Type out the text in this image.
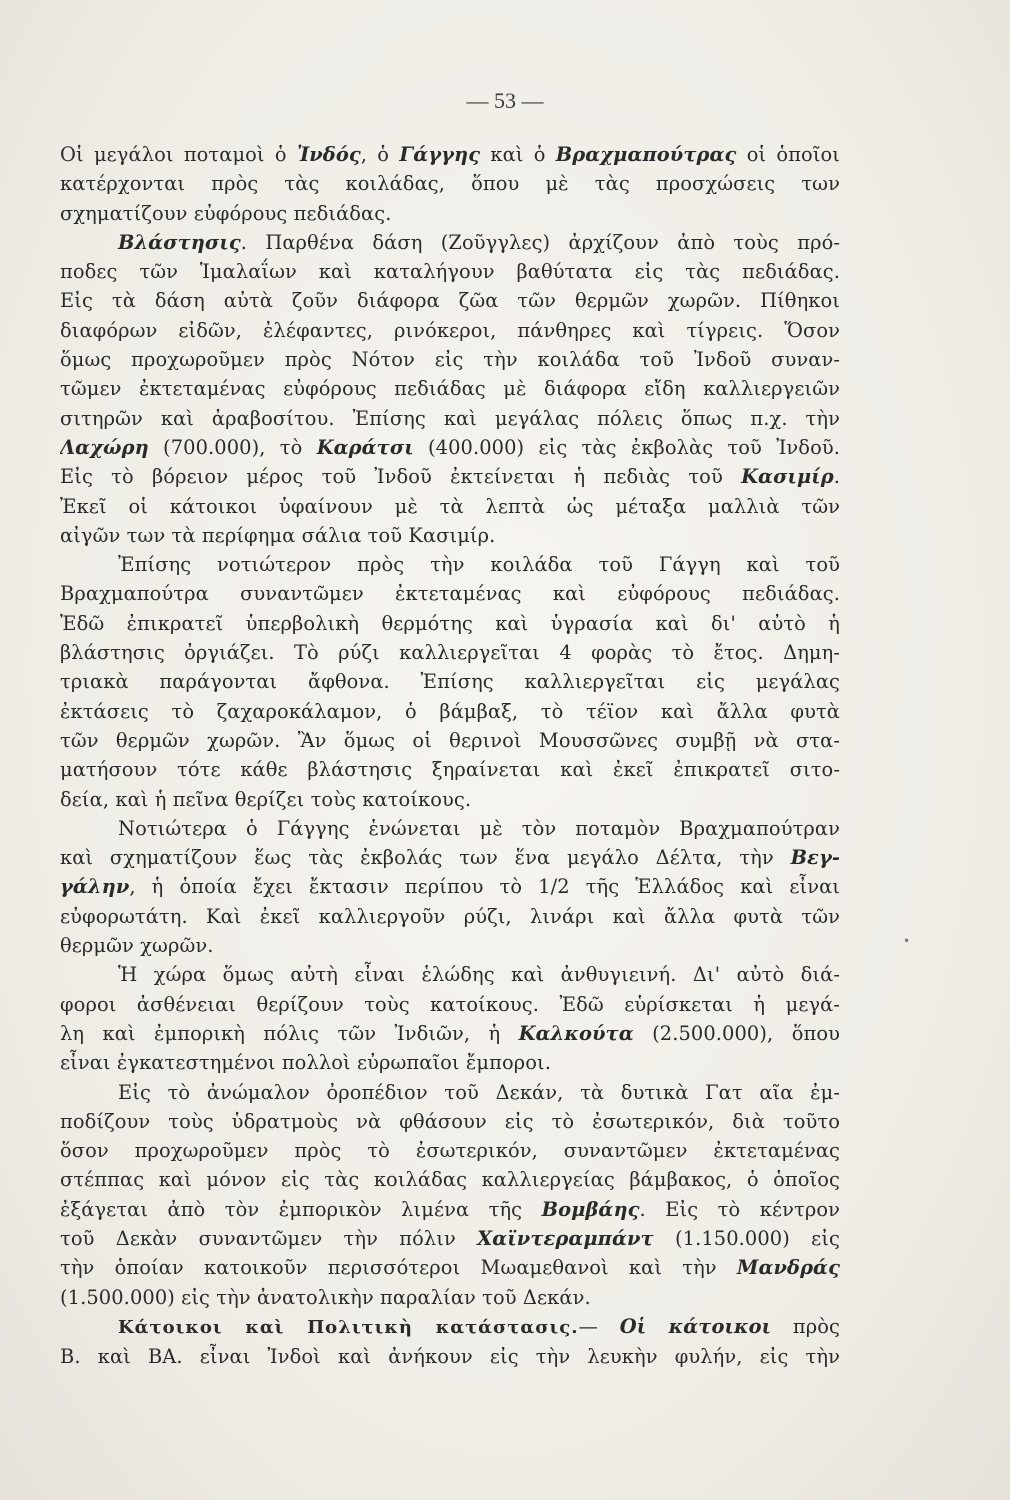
— 53 —
Οἱ μεγάλοι ποταμοὶ ὁ Ἰνδός, ὁ Γάγγης καὶ ὁ Βραχμαπούτρας οἱ ὁποῖοι
κατέρχονται πρὸς τὰς κοιλάδας, ὅπου μὲ τὰς προσχώσεις των
σχηματίζουν εὐφόρους πεδιάδας.
Βλάστησις. Παρθένα δάση (Ζοῦγγλες) ἀρχίζουν ἀπὸ τοὺς πρό-
ποδες τῶν Ἱμαλαΐων καὶ καταλήγουν βαθύτατα εἰς τὰς πεδιάδας.
Εἰς τὰ δάση αὐτὰ ζοῦν διάφορα ζῶα τῶν θερμῶν χωρῶν. Πίθηκοι
διαφόρων εἰδῶν, ἐλέφαντες, ρινόκεροι, πάνθηρες καὶ τίγρεις. Ὅσον
ὅμως προχωροῦμεν πρὸς Νότον εἰς τὴν κοιλάδα τοῦ Ἰνδοῦ συναν-
τῶμεν ἐκτεταμένας εὐφόρους πεδιάδας μὲ διάφορα εἴδη καλλιεργειῶν
σιτηρῶν καὶ ἀραβοσίτου. Ἐπίσης καὶ μεγάλας πόλεις ὅπως π.χ. τὴν
Λαχώρη (700.000), τὸ Καράτσι (400.000) εἰς τὰς ἐκβολὰς τοῦ Ἰνδοῦ.
Εἰς τὸ βόρειον μέρος τοῦ Ἰνδοῦ ἐκτείνεται ἡ πεδιὰς τοῦ Κασιμίρ.
Ἐκεῖ οἱ κάτοικοι ὑφαίνουν μὲ τὰ λεπτὰ ὡς μέταξα μαλλιὰ τῶν
αἰγῶν των τὰ περίφημα σάλια τοῦ Κασιμίρ.
Ἐπίσης νοτιώτερον πρὸς τὴν κοιλάδα τοῦ Γάγγη καὶ τοῦ
Βραχμαπούτρα συναντῶμεν ἐκτεταμένας καὶ εὐφόρους πεδιάδας.
Ἐδῶ ἐπικρατεῖ ὑπερβολικὴ θερμότης καὶ ὑγρασία καὶ δι' αὐτὸ ἡ
βλάστησις ὀργιάζει. Τὸ ρύζι καλλιεργεῖται 4 φορὰς τὸ ἔτος. Δημη-
τριακὰ παράγονται ἄφθονα. Ἐπίσης καλλιεργεῖται εἰς μεγάλας
ἐκτάσεις τὸ ζαχαροκάλαμον, ὁ βάμβαξ, τὸ τέϊον καὶ ἄλλα φυτὰ
τῶν θερμῶν χωρῶν. Ἂν ὅμως οἱ θερινοὶ Μουσσῶνες συμβῇ νὰ στα-
ματήσουν τότε κάθε βλάστησις ξηραίνεται καὶ ἐκεῖ ἐπικρατεῖ σιτο-
δεία, καὶ ἡ πεῖνα θερίζει τοὺς κατοίκους.
Νοτιώτερα ὁ Γάγγης ἑνώνεται μὲ τὸν ποταμὸν Βραχμαπούτραν
καὶ σχηματίζουν ἕως τὰς ἐκβολάς των ἕνα μεγάλο Δέλτα, τὴν Βεγ-
γάλην, ἡ ὁποία ἔχει ἔκτασιν περίπου τὸ 1/2 τῆς Ἑλλάδος καὶ εἶναι
εὐφορωτάτη. Καὶ ἐκεῖ καλλιεργοῦν ρύζι, λινάρι καὶ ἄλλα φυτὰ τῶν
θερμῶν χωρῶν.
Ἡ χώρα ὅμως αὐτὴ εἶναι ἑλώδης καὶ ἀνθυγιεινή. Δι' αὐτὸ διά-
φοροι ἀσθένειαι θερίζουν τοὺς κατοίκους. Ἐδῶ εὑρίσκεται ἡ μεγά-
λη καὶ ἐμπορικὴ πόλις τῶν Ἰνδιῶν, ἡ Καλκούτα (2.500.000), ὅπου
εἶναι ἐγκατεστημένοι πολλοὶ εὐρωπαῖοι ἔμποροι.
Εἰς τὸ ἀνώμαλον ὀροπέδιον τοῦ Δεκάν, τὰ δυτικὰ Γατ αῖα ἐμ-
ποδίζουν τοὺς ὑδρατμοὺς νὰ φθάσουν εἰς τὸ ἐσωτερικόν, διὰ τοῦτο
ὅσον προχωροῦμεν πρὸς τὸ ἐσωτερικόν, συναντῶμεν ἐκτεταμένας
στέππας καὶ μόνον εἰς τὰς κοιλάδας καλλιεργείας βάμβακος, ὁ ὁποῖος
ἐξάγεται ἀπὸ τὸν ἐμπορικὸν λιμένα τῆς Βομβάης. Εἰς τὸ κέντρον
τοῦ Δεκὰν συναντῶμεν τὴν πόλιν Χαϊντεραμπάντ (1.150.000) εἰς
τὴν ὁποίαν κατοικοῦν περισσότεροι Μωαμεθανοὶ καὶ τὴν Μανδράς
(1.500.000) εἰς τὴν ἀνατολικὴν παραλίαν τοῦ Δεκάν.
Κάτοικοι καὶ Πολιτικὴ κατάστασις.— Οἱ κάτοικοι πρὸς
Β. καὶ ΒΑ. εἶναι Ἰνδοὶ καὶ ἀνήκουν εἰς τὴν λευκὴν φυλήν, εἰς τὴν
•
